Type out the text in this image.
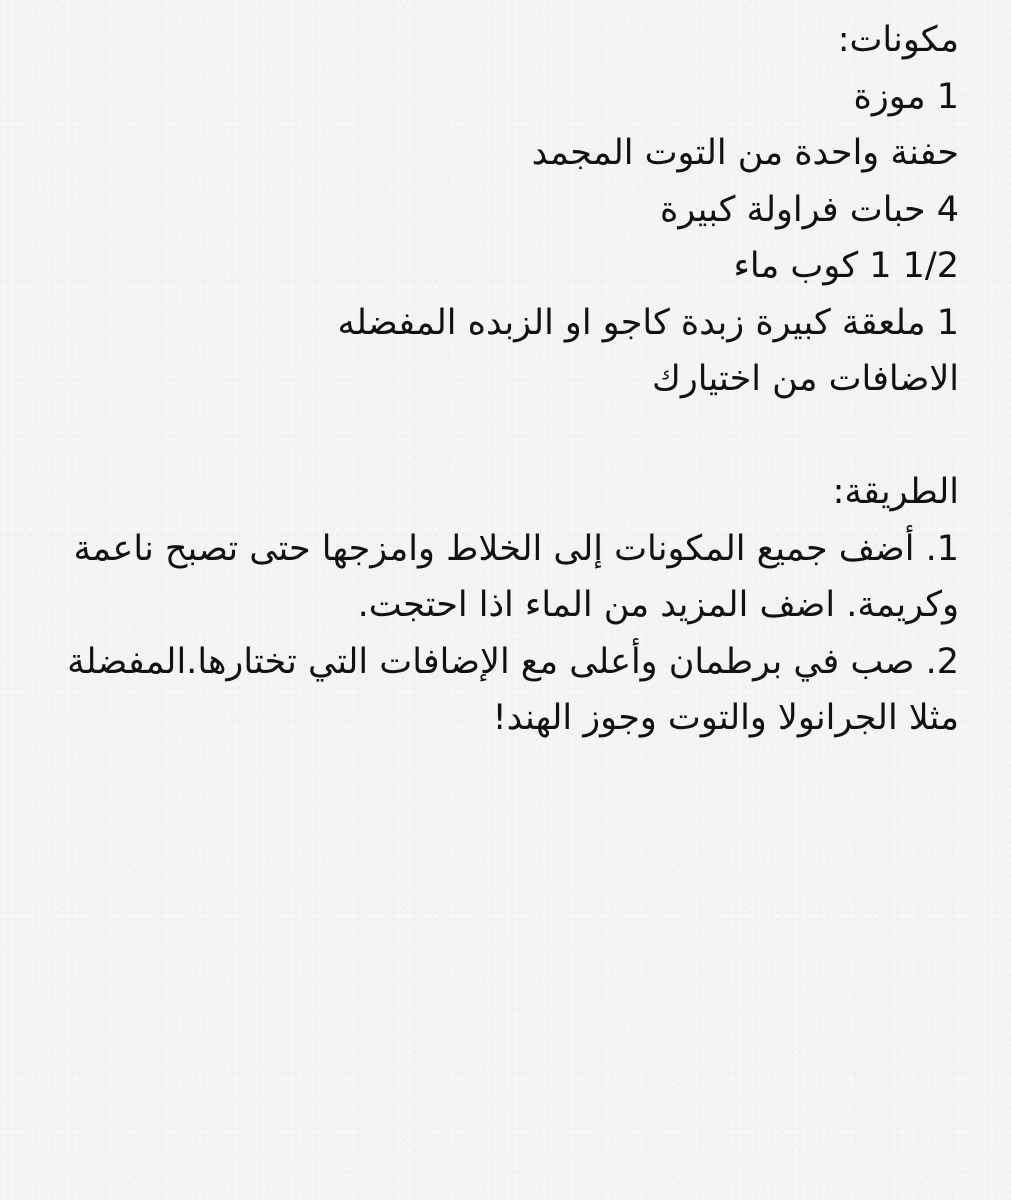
مكونات:
1 موزة
حفنة واحدة من التوت المجمد
4 حبات فراولة كبيرة
1 1/2 كوب ماء
1 ملعقة كبيرة زبدة كاجو او الزبده المفضله
الاضافات من اختيارك
الطريقة:
1. أضف جميع المكونات إلى الخلاط وامزجها حتى تصبح ناعمة وكريمة. اضف المزيد من الماء اذا احتجت.
2. صب في برطمان وأعلى مع الإضافات التي تختارها.المفضلة مثلا الجرانولا والتوت وجوز الهند!
